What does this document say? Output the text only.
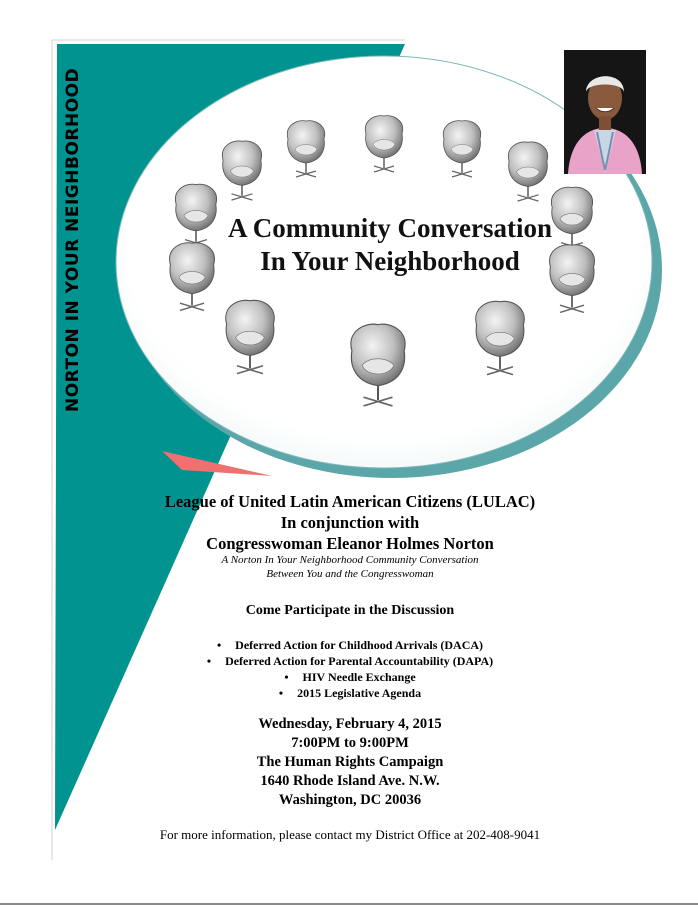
NORTON IN YOUR NEIGHBORHOOD	A Community Conversation
In Your Neighborhood
League of United Latin American Citizens (LULAC)
In conjunction with
Congresswoman Eleanor Holmes Norton
A Norton In Your Neighborhood Community Conversation
Between You and the Congresswoman
Come Participate in the Discussion
• Deferred Action for Childhood Arrivals (DACA)
• Deferred Action for Parental Accountability (DAPA)
• HIV Needle Exchange
• 2015 Legislative Agenda
Wednesday, February 4, 2015
7:00PM to 9:00PM
The Human Rights Campaign
1640 Rhode Island Ave. N.W.
Washington, DC 20036
For more information, please contact my District Office at 202-408-9041
